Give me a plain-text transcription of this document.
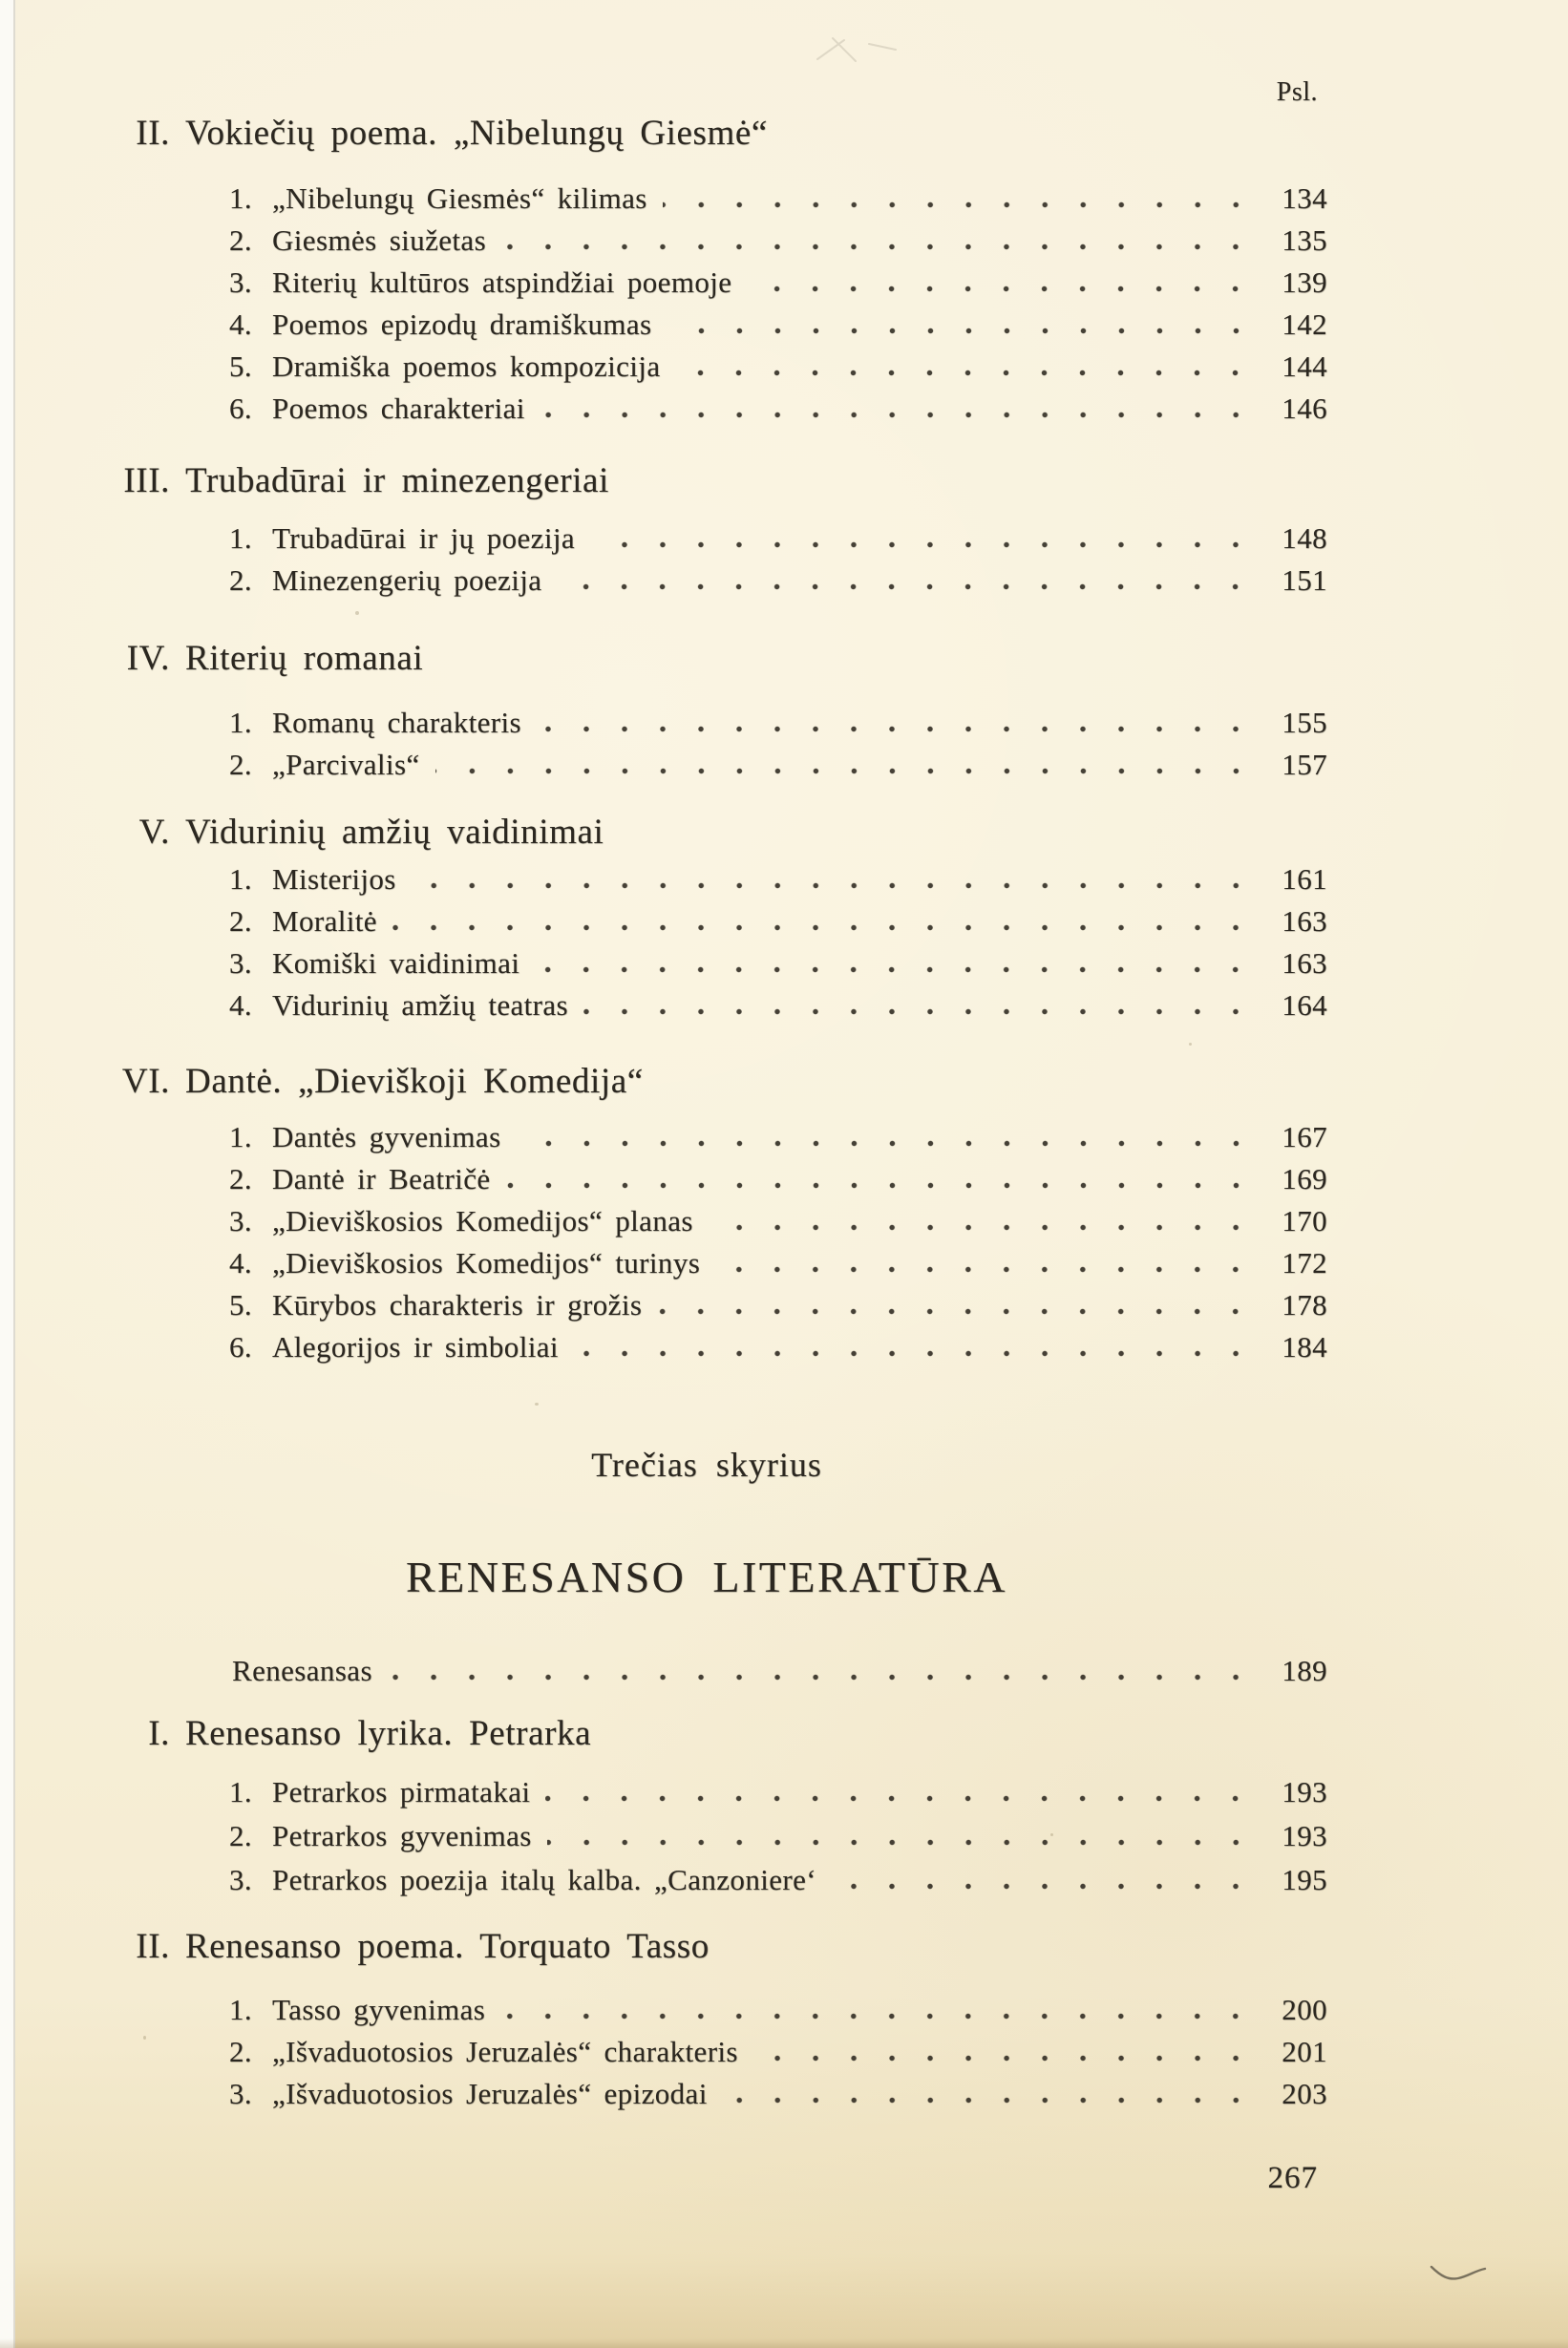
Psl.
II. Vokiečių poema. „Nibelungų Giesmė“
1. „Nibelungų Giesmės“ kilimas	134
2. Giesmės siužetas	135
3. Riterių kultūros atspindžiai poemoje	139
4. Poemos epizodų dramiškumas	142
5. Dramiška poemos kompozicija	144
6. Poemos charakteriai	146
III. Trubadūrai ir minezengeriai
1. Trubadūrai ir jų poezija	148
2. Minezengerių poezija	151
IV. Riterių romanai
1. Romanų charakteris	155
2. „Parcivalis“	157
V. Vidurinių amžių vaidinimai
1. Misterijos	161
2. Moralitė	163
3. Komiški vaidinimai	163
4. Vidurinių amžių teatras	164
VI. Dantė. „Dieviškoji Komedija“
1. Dantės gyvenimas	167
2. Dantė ir Beatričė	169
3. „Dieviškosios Komedijos“ planas	170
4. „Dieviškosios Komedijos“ turinys	172
5. Kūrybos charakteris ir grožis	178
6. Alegorijos ir simboliai	184
Trečias skyrius
RENESANSO LITERATŪRA
Renesansas	189
I. Renesanso lyrika. Petrarka
1. Petrarkos pirmatakai	193
2. Petrarkos gyvenimas	193
3. Petrarkos poezija italų kalba. „Canzoniere‘	195
II. Renesanso poema. Torquato Tasso
1. Tasso gyvenimas	200
2. „Išvaduotosios Jeruzalės“ charakteris	201
3. „Išvaduotosios Jeruzalės“ epizodai	203
267
